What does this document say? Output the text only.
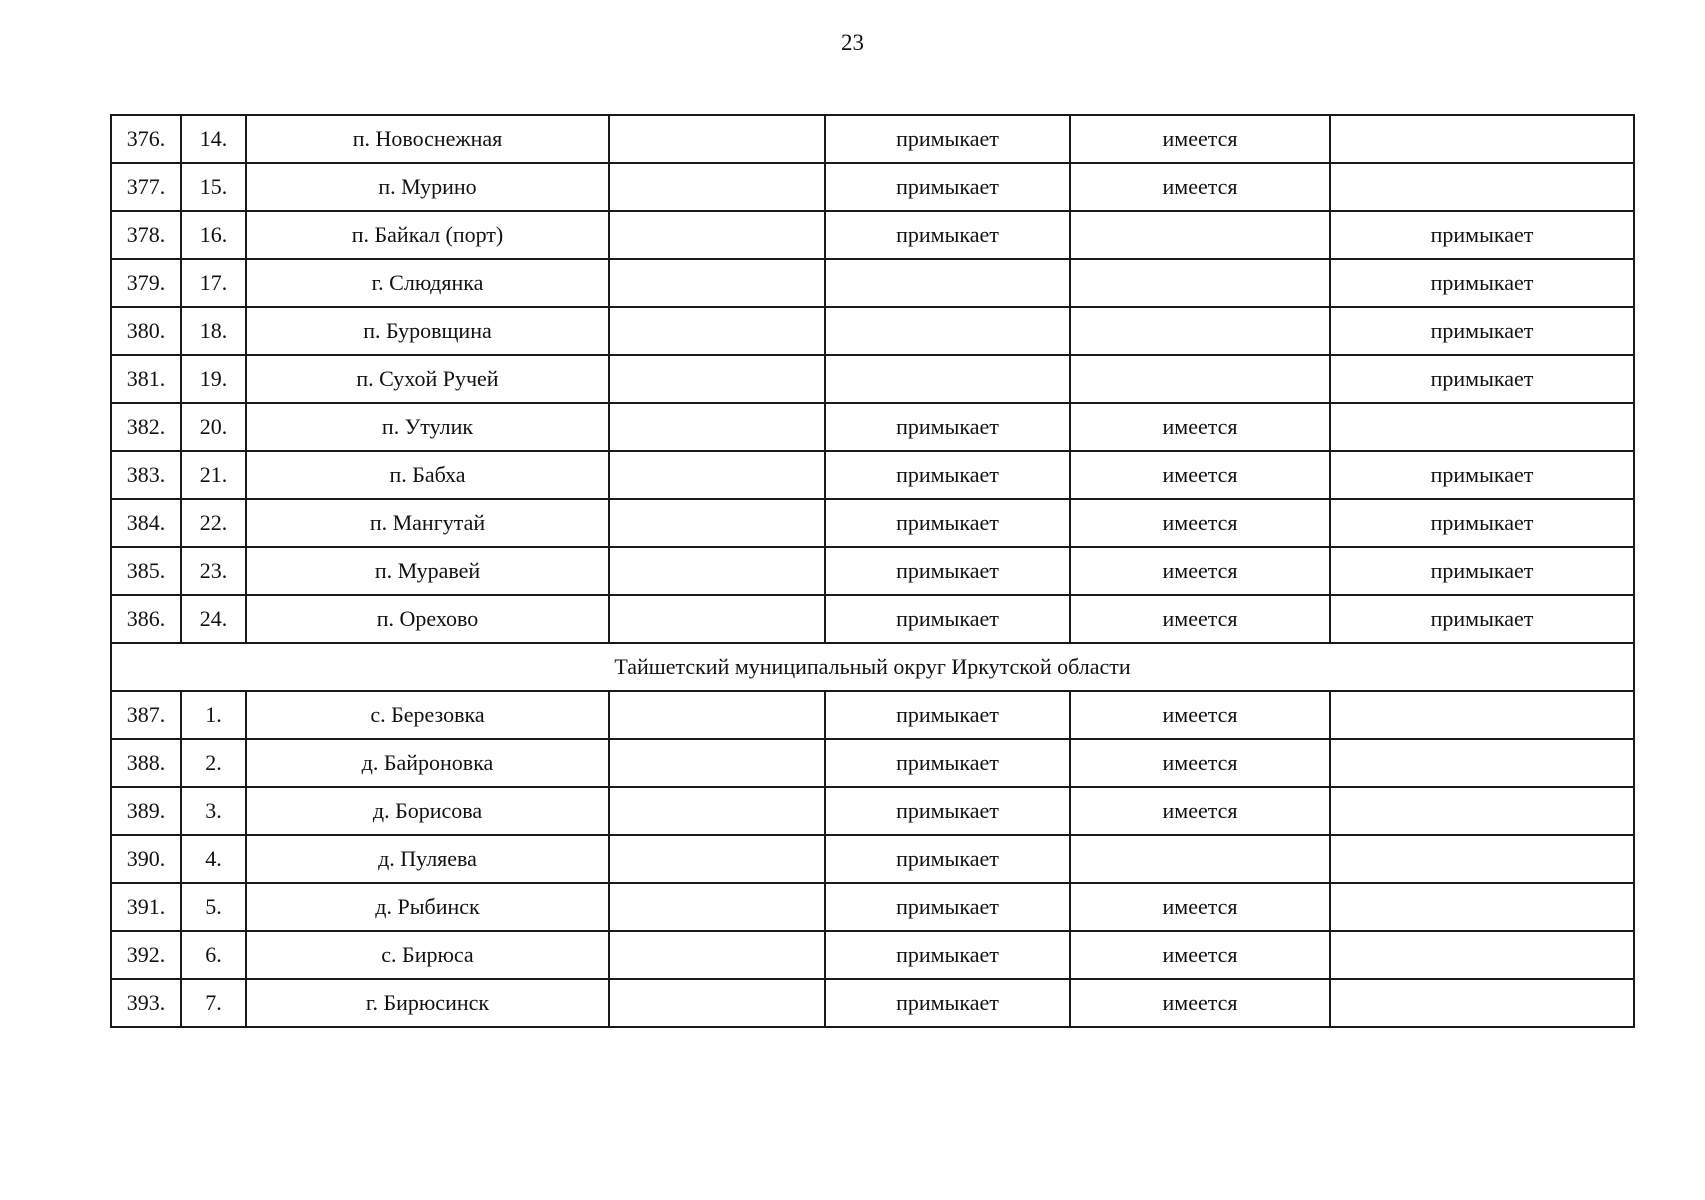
23
376.	14.	п. Новоснежная		примыкает	имеется	
377.	15.	п. Мурино		примыкает	имеется	
378.	16.	п. Байкал (порт)		примыкает		примыкает
379.	17.	г. Слюдянка				примыкает
380.	18.	п. Буровщина				примыкает
381.	19.	п. Сухой Ручей				примыкает
382.	20.	п. Утулик		примыкает	имеется	
383.	21.	п. Бабха		примыкает	имеется	примыкает
384.	22.	п. Мангутай		примыкает	имеется	примыкает
385.	23.	п. Муравей		примыкает	имеется	примыкает
386.	24.	п. Орехово		примыкает	имеется	примыкает
Тайшетский муниципальный округ Иркутской области						
387.	1.	с. Березовка		примыкает	имеется	
388.	2.	д. Байроновка		примыкает	имеется	
389.	3.	д. Борисова		примыкает	имеется	
390.	4.	д. Пуляева		примыкает		
391.	5.	д. Рыбинск		примыкает	имеется	
392.	6.	с. Бирюса		примыкает	имеется	
393.	7.	г. Бирюсинск		примыкает	имеется	
